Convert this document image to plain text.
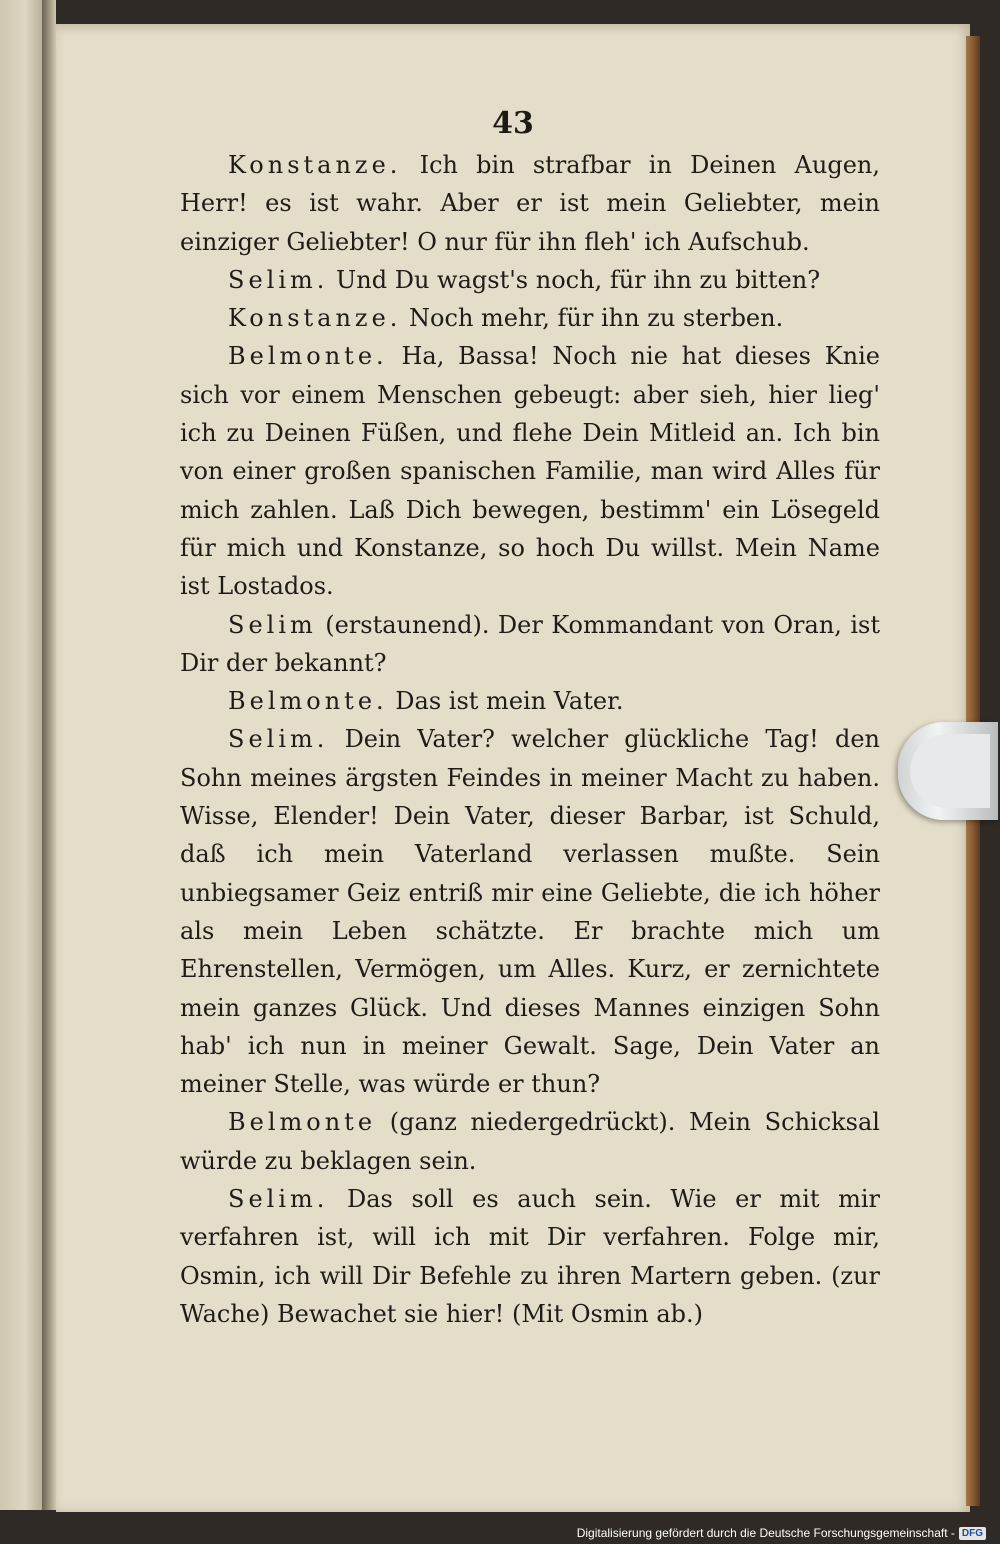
43

Konstanze. Ich bin strafbar in Deinen Augen, Herr! es ist wahr. Aber er ist mein Geliebter, mein einziger Geliebter! O nur für ihn fleh' ich Aufschub.

Selim. Und Du wagst's noch, für ihn zu bitten?

Konstanze. Noch mehr, für ihn zu sterben.

Belmonte. Ha, Bassa! Noch nie hat dieses Knie sich vor einem Menschen gebeugt: aber sieh, hier lieg' ich zu Deinen Füßen, und flehe Dein Mitleid an. Ich bin von einer großen spanischen Familie, man wird Alles für mich zahlen. Laß Dich bewegen, bestimm' ein Lösegeld für mich und Konstanze, so hoch Du willst. Mein Name ist Lostados.

Selim (erstaunend). Der Kommandant von Oran, ist Dir der bekannt?

Belmonte. Das ist mein Vater.

Selim. Dein Vater? welcher glückliche Tag! den Sohn meines ärgsten Feindes in meiner Macht zu haben. Wisse, Elender! Dein Vater, dieser Barbar, ist Schuld, daß ich mein Vaterland verlassen mußte. Sein unbiegsamer Geiz entriß mir eine Geliebte, die ich höher als mein Leben schätzte. Er brachte mich um Ehrenstellen, Vermögen, um Alles. Kurz, er zernichtete mein ganzes Glück. Und dieses Mannes einzigen Sohn hab' ich nun in meiner Gewalt. Sage, Dein Vater an meiner Stelle, was würde er thun?

Belmonte (ganz niedergedrückt). Mein Schicksal würde zu beklagen sein.

Selim. Das soll es auch sein. Wie er mit mir verfahren ist, will ich mit Dir verfahren. Folge mir, Osmin, ich will Dir Befehle zu ihren Martern geben. (zur Wache) Bewachet sie hier! (Mit Osmin ab.)

Digitalisierung gefördert durch die Deutsche Forschungsgemeinschaft - DFG
